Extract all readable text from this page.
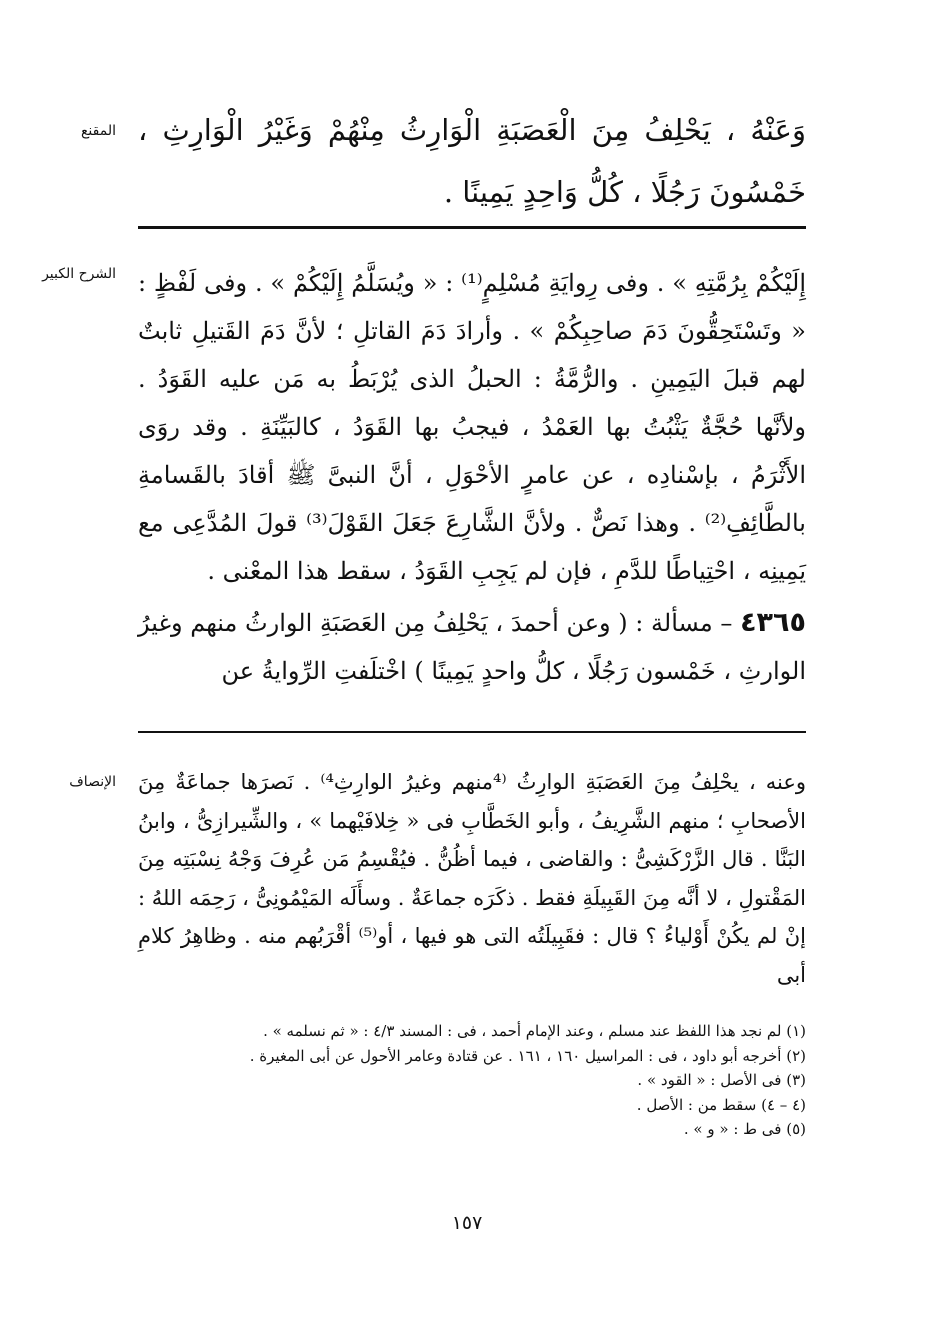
المقنع
الشرح الكبير
الإنصاف

وَعَنْهُ ، يَحْلِفُ مِنَ الْعَصَبَةِ الْوَارِثُ مِنْهُمْ وَغَيْرُ الْوَارِثِ ، خَمْسُونَ رَجُلًا ، كُلُّ وَاحِدٍ يَمِينًا .

إِلَيْكُمْ بِرُمَّتِهِ » . وفى رِوايَةِ مُسْلِمٍ⁽¹⁾ : « ويُسَلَّمُ إِلَيْكُمْ » . وفى لَفْظٍ : « وتَسْتَحِقُّونَ دَمَ صاحِبِكُمْ » . وأرادَ دَمَ القاتلِ ؛ لأنَّ دَمَ القَتيلِ ثابتٌ لهم قبلَ اليَمِينِ . والرُّمَّةُ : الحبلُ الذى يُرْبَطُ به مَن عليه القَوَدُ . ولأنَّها حُجَّةٌ يَثْبُتُ بها العَمْدُ ، فيجبُ بها القَوَدُ ، كالبَيِّنَةِ . وقد روَى الأَثْرَمُ ، بإسْنادِه ، عن عامرٍ الأحْوَلِ ، أنَّ النبىَّ ﷺ أقادَ بالقَسامةِ بالطَّائِفِ⁽²⁾ . وهذا نَصٌّ . ولأنَّ الشَّارِعَ جَعَلَ القَوْلَ⁽³⁾ قولَ المُدَّعِى مع يَمِينِه ، احْتِياطًا للدَّمِ ، فإن لم يَجِبِ القَوَدُ ، سقط هذا المعْنى .

٤٣٦٥ – مسألة : ( وعن أحمدَ ، يَحْلِفُ مِن العَصَبَةِ الوارثُ منهم وغيرُ الوارثِ ، خَمْسون رَجُلًا ، كلُّ واحدٍ يَمِينًا ) اخْتلَفتِ الرِّوايةُ عن

وعنه ، يحْلِفُ مِنَ العَصَبَةِ الوارِثُ ⁽⁴منهم وغيرُ الوارِثِ⁴⁾ . نَصرَها جماعَةٌ مِنَ الأصحابِ ؛ منهم الشَّرِيفُ ، وأبو الخَطَّابِ فى « خِلافَيْهما » ، والشِّيرازِىُّ ، وابنُ البَنَّا . قال الزَّرْكَشِىُّ : والقاضى ، فيما أظُنُّ . فيُقْسِمُ مَن عُرِفَ وَجْهُ نِسْبَتِه مِنَ المَقْتولِ ، لا أنَّه مِنَ القَبِيلَةِ فقط . ذكَرَه جماعَةٌ . وسأَلَه المَيْمُونِىُّ ، رَحِمَه اللهُ : إنْ لم يكُنْ أَوْلياءُ ؟ قال : فقَبِيلَتُه التى هو فيها ، أو⁽⁵⁾ أقْرَبُهم منه . وظاهِرُ كلامِ أبى

(١) لم نجد هذا اللفظ عند مسلم ، وعند الإمام أحمد ، فى : المسند ٤/٣ : « ثم نسلمه » .

(٢) أخرجه أبو داود ، فى : المراسيل ١٦٠ ، ١٦١ . عن قتادة وعامر الأحول عن أبى المغيرة .

(٣) فى الأصل : « القود » .

(٤ – ٤) سقط من : الأصل .

(٥) فى ط : « و » .

١٥٧
